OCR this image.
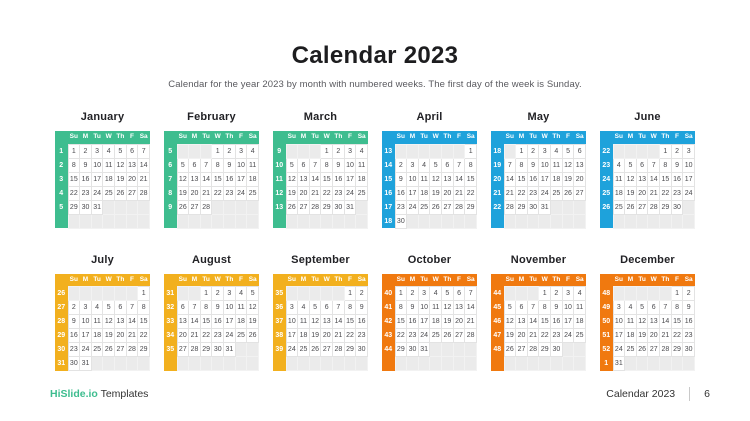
Calendar 2023
Calendar for the year 2023 by month with numbered weeks. The first day of the week is Sunday.
January
	Su	M	Tu	W	Th	F	Sa
1	1	2	3	4	5	6	7
2	8	9	10	11	12	13	14
3	15	16	17	18	19	20	21
4	22	23	24	25	26	27	28
5	29	30	31				

February
	Su	M	Tu	W	Th	F	Sa
5				1	2	3	4
6	5	6	7	8	9	10	11
7	12	13	14	15	16	17	18
8	19	20	21	22	23	24	25
9	26	27	28				

March
	Su	M	Tu	W	Th	F	Sa
9				1	2	3	4
10	5	6	7	8	9	10	11
11	12	13	14	15	16	17	18
12	19	20	21	22	23	24	25
13	26	27	28	29	30	31	

April
	Su	M	Tu	W	Th	F	Sa
13							1
14	2	3	4	5	6	7	8
15	9	10	11	12	13	14	15
16	16	17	18	19	20	21	22
17	23	24	25	26	27	28	29
18	30						
May
	Su	M	Tu	W	Th	F	Sa
18		1	2	3	4	5	6
19	7	8	9	10	11	12	13
20	14	15	16	17	18	19	20
21	21	22	23	24	25	26	27
22	28	29	30	31			

June
	Su	M	Tu	W	Th	F	Sa
22					1	2	3
23	4	5	6	7	8	9	10
24	11	12	13	14	15	16	17
25	18	19	20	21	22	23	24
26	25	26	27	28	29	30	

July
	Su	M	Tu	W	Th	F	Sa
26							1
27	2	3	4	5	6	7	8
28	9	10	11	12	13	14	15
29	16	17	18	19	20	21	22
30	23	24	25	26	27	28	29
31	30	31					
August
	Su	M	Tu	W	Th	F	Sa
31			1	2	3	4	5
32	6	7	8	9	10	11	12
33	13	14	15	16	17	18	19
34	20	21	22	23	24	25	26
35	27	28	29	30	31		

September
	Su	M	Tu	W	Th	F	Sa
35						1	2
36	3	4	5	6	7	8	9
37	10	11	12	13	14	15	16
38	17	18	19	20	21	22	23
39	24	25	26	27	28	29	30

October
	Su	M	Tu	W	Th	F	Sa
40	1	2	3	4	5	6	7
41	8	9	10	11	12	13	14
42	15	16	17	18	19	20	21
43	22	23	24	25	26	27	28
44	29	30	31				

November
	Su	M	Tu	W	Th	F	Sa
44				1	2	3	4
45	5	6	7	8	9	10	11
46	12	13	14	15	16	17	18
47	19	20	21	22	23	24	25
48	26	27	28	29	30		

December
	Su	M	Tu	W	Th	F	Sa
48						1	2
49	3	4	5	6	7	8	9
50	10	11	12	13	14	15	16
51	17	18	19	20	21	22	23
52	24	25	26	27	28	29	30
1	31						
HiSlide.io Templates	Calendar 2023	6
